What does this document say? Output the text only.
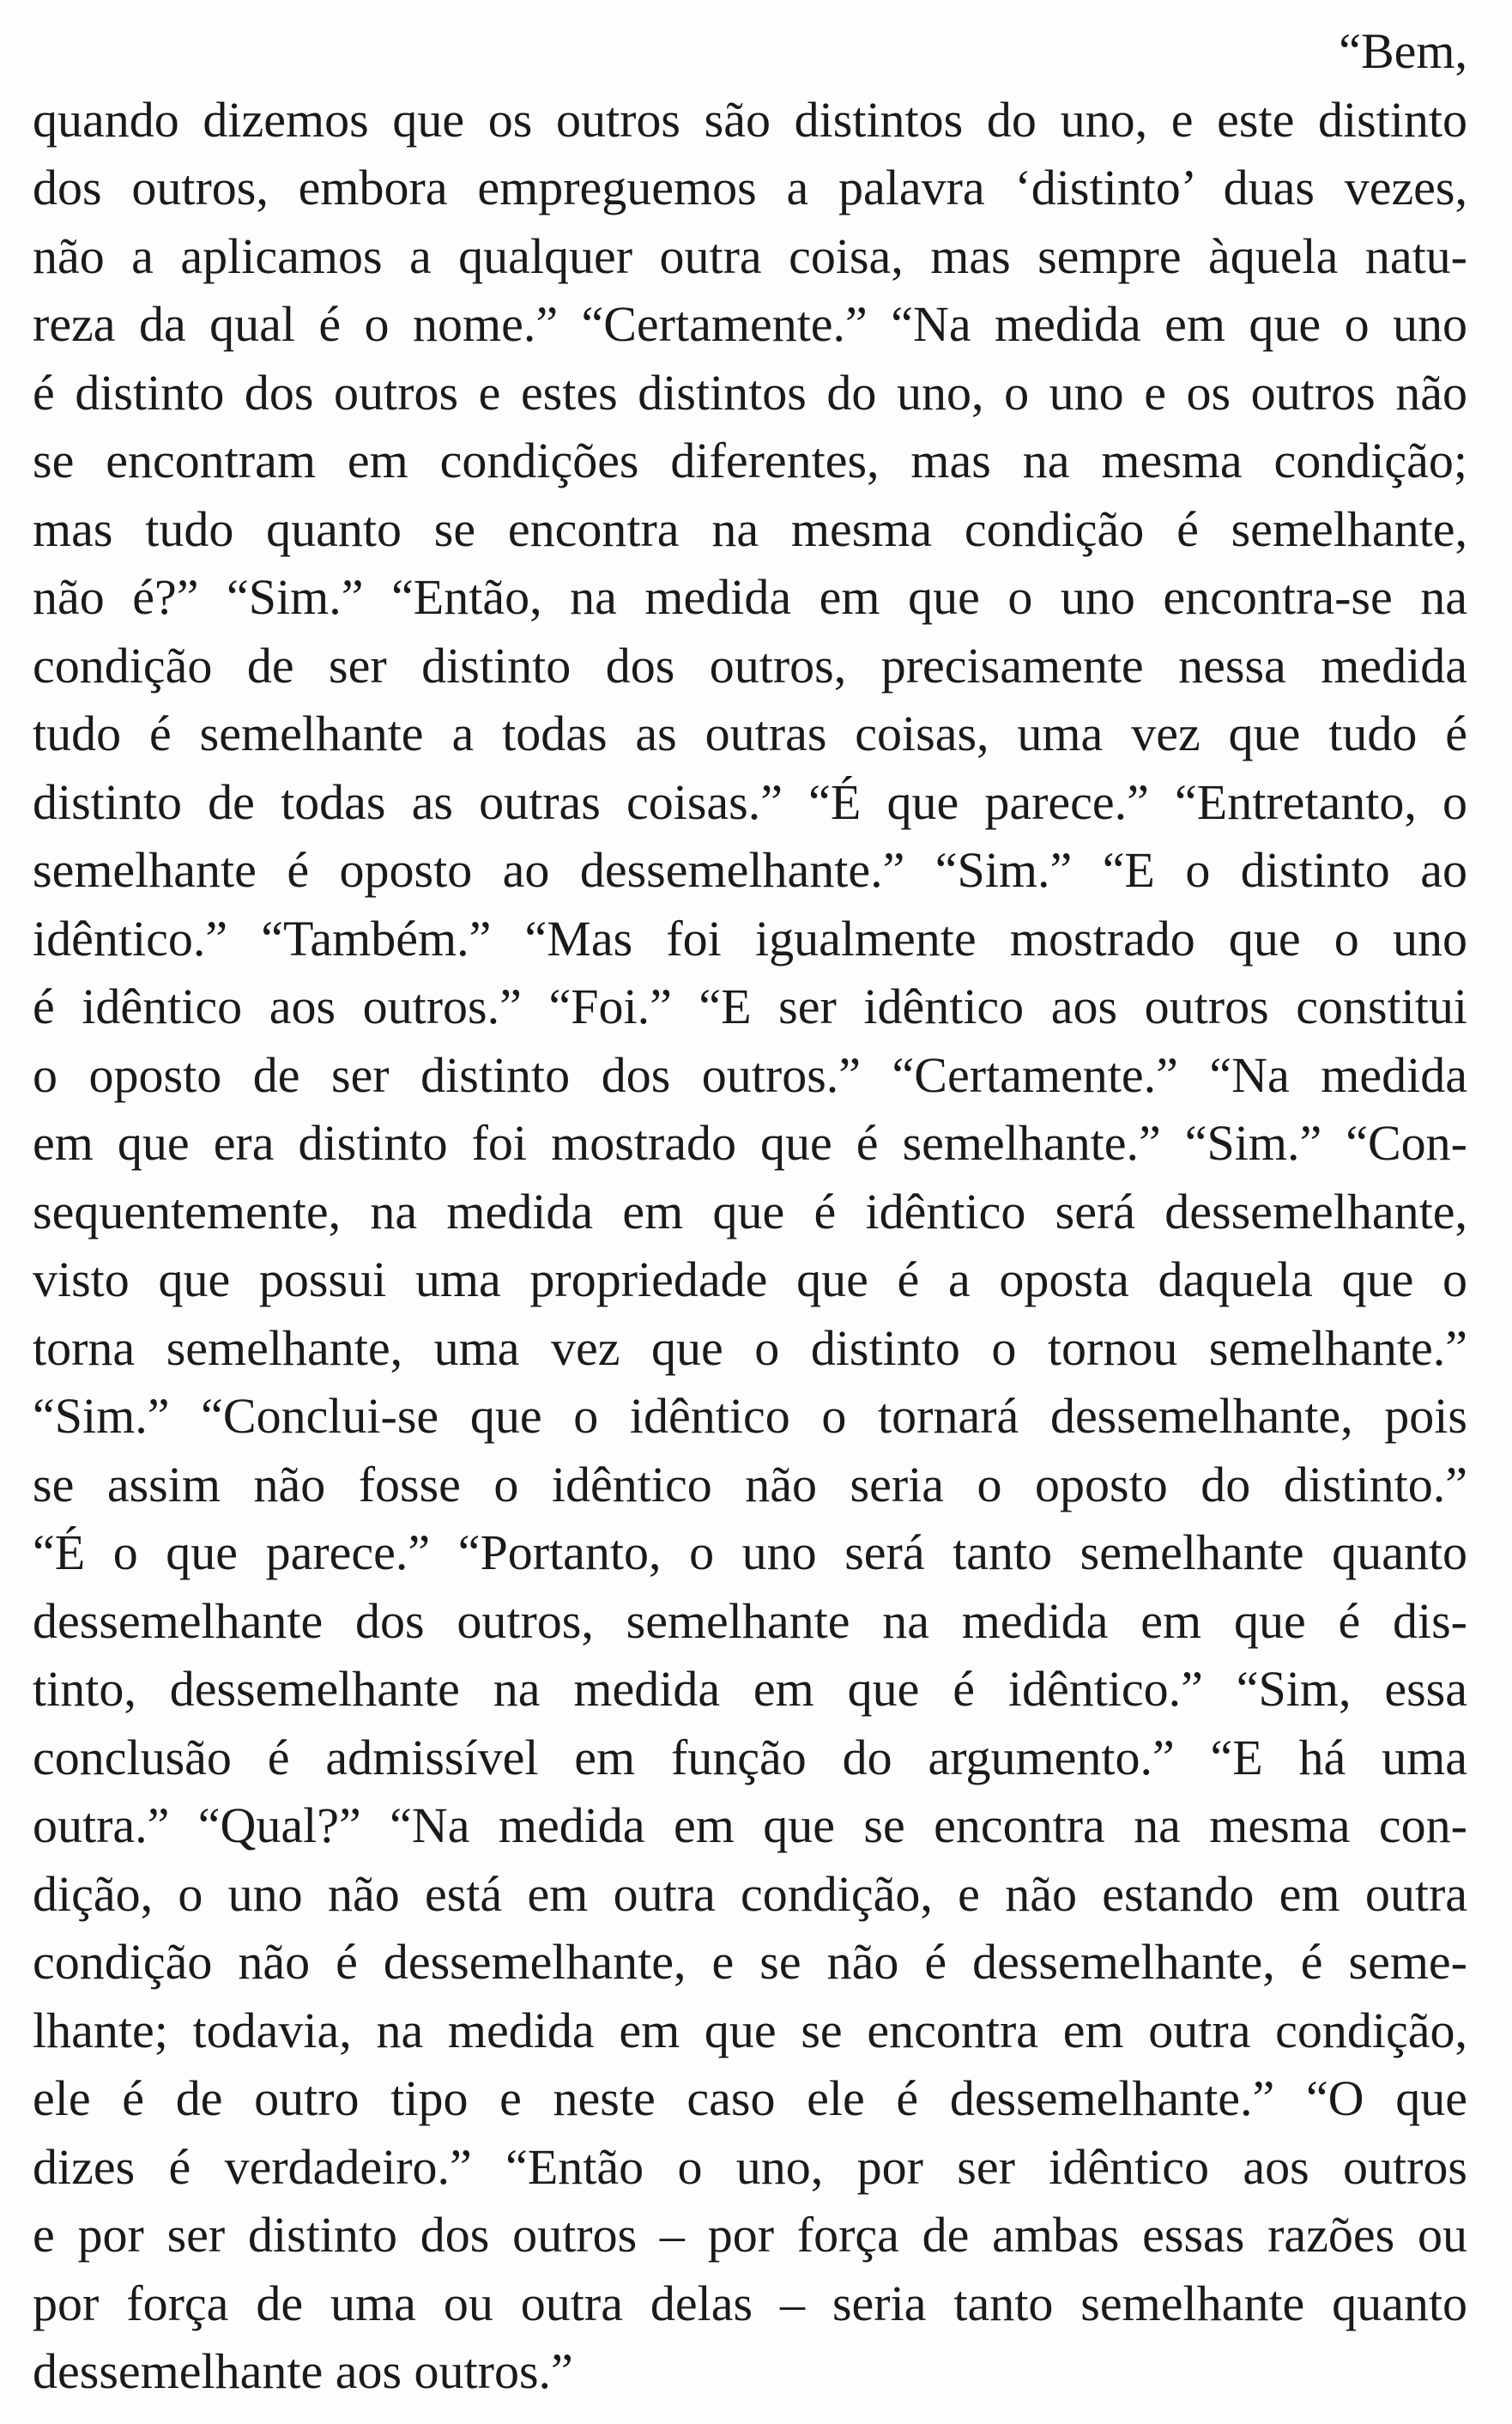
“Bem,
quando dizemos que os outros são distintos do uno, e este distinto
dos outros, embora empreguemos a palavra ‘distinto’ duas vezes,
não a aplicamos a qualquer outra coisa, mas sempre àquela natu-
reza da qual é o nome.” “Certamente.” “Na medida em que o uno
é distinto dos outros e estes distintos do uno, o uno e os outros não
se encontram em condições diferentes, mas na mesma condição;
mas tudo quanto se encontra na mesma condição é semelhante,
não é?” “Sim.” “Então, na medida em que o uno encontra-se na
condição de ser distinto dos outros, precisamente nessa medida
tudo é semelhante a todas as outras coisas, uma vez que tudo é
distinto de todas as outras coisas.” “É que parece.” “Entretanto, o
semelhante é oposto ao dessemelhante.” “Sim.” “E o distinto ao
idêntico.” “Também.” “Mas foi igualmente mostrado que o uno
é idêntico aos outros.” “Foi.” “E ser idêntico aos outros constitui
o oposto de ser distinto dos outros.” “Certamente.” “Na medida
em que era distinto foi mostrado que é semelhante.” “Sim.” “Con-
sequentemente, na medida em que é idêntico será dessemelhante,
visto que possui uma propriedade que é a oposta daquela que o
torna semelhante, uma vez que o distinto o tornou semelhante.”
“Sim.” “Conclui-se que o idêntico o tornará dessemelhante, pois
se assim não fosse o idêntico não seria o oposto do distinto.”
“É o que parece.” “Portanto, o uno será tanto semelhante quanto
dessemelhante dos outros, semelhante na medida em que é dis-
tinto, dessemelhante na medida em que é idêntico.” “Sim, essa
conclusão é admissível em função do argumento.” “E há uma
outra.” “Qual?” “Na medida em que se encontra na mesma con-
dição, o uno não está em outra condição, e não estando em outra
condição não é dessemelhante, e se não é dessemelhante, é seme-
lhante; todavia, na medida em que se encontra em outra condição,
ele é de outro tipo e neste caso ele é dessemelhante.” “O que
dizes é verdadeiro.” “Então o uno, por ser idêntico aos outros
e por ser distinto dos outros – por força de ambas essas razões ou
por força de uma ou outra delas – seria tanto semelhante quanto
dessemelhante aos outros.”
